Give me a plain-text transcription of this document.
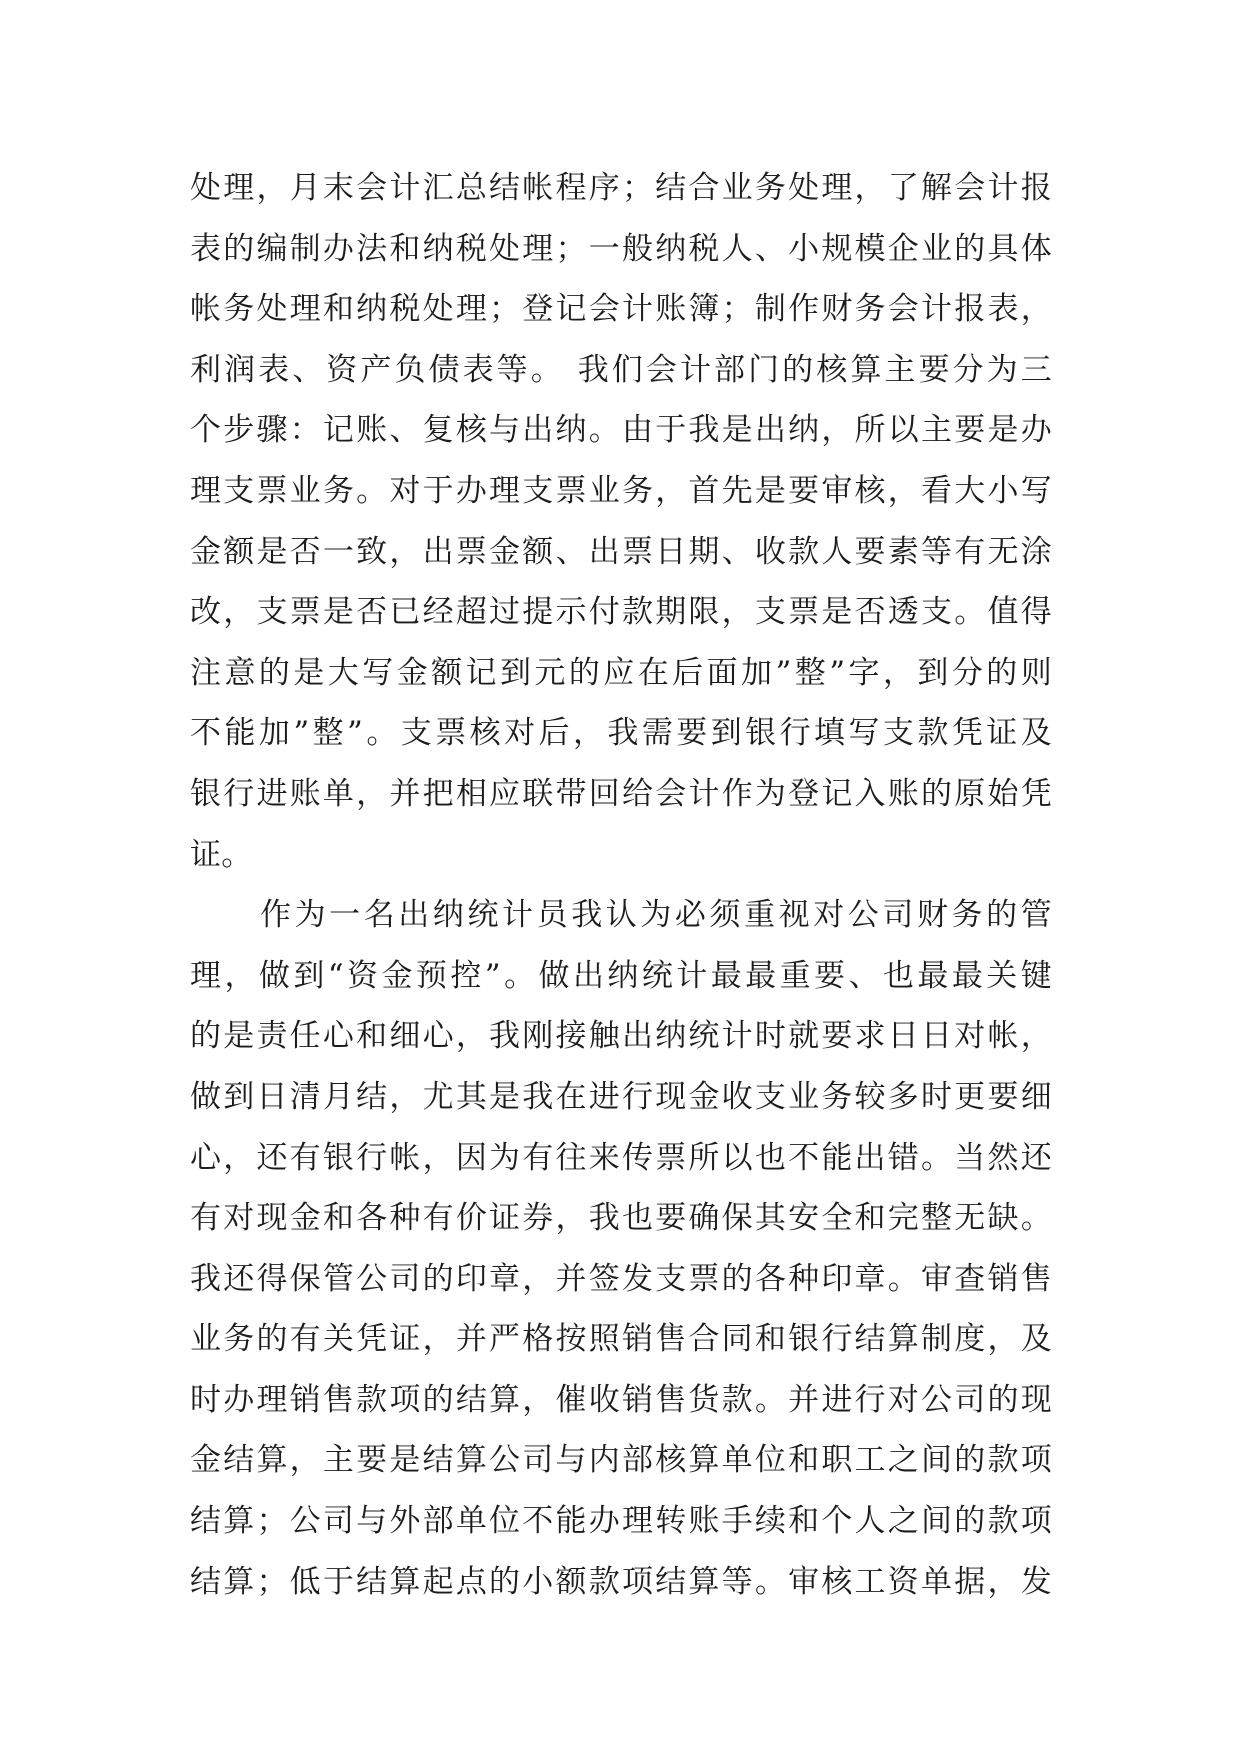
处理，月末会计汇总结帐程序；结合业务处理，了解会计报
表的编制办法和纳税处理；一般纳税人、小规模企业的具体
帐务处理和纳税处理；登记会计账簿；制作财务会计报表，
利润表、资产负债表等。 我们会计部门的核算主要分为三
个步骤：记账、复核与出纳。由于我是出纳，所以主要是办
理支票业务。对于办理支票业务，首先是要审核，看大小写
金额是否一致，出票金额、出票日期、收款人要素等有无涂
改，支票是否已经超过提示付款期限，支票是否透支。值得
注意的是大写金额记到元的应在后面加”整”字，到分的则
不能加”整”。支票核对后，我需要到银行填写支款凭证及
银行进账单，并把相应联带回给会计作为登记入账的原始凭
证。
作为一名出纳统计员我认为必须重视对公司财务的管
理，做到“资金预控”。做出纳统计最最重要、也最最关键
的是责任心和细心，我刚接触出纳统计时就要求日日对帐，
做到日清月结，尤其是我在进行现金收支业务较多时更要细
心，还有银行帐，因为有往来传票所以也不能出错。当然还
有对现金和各种有价证券，我也要确保其安全和完整无缺。
我还得保管公司的印章，并签发支票的各种印章。审查销售
业务的有关凭证，并严格按照销售合同和银行结算制度，及
时办理销售款项的结算，催收销售货款。并进行对公司的现
金结算，主要是结算公司与内部核算单位和职工之间的款项
结算；公司与外部单位不能办理转账手续和个人之间的款项
结算；低于结算起点的小额款项结算等。审核工资单据，发
